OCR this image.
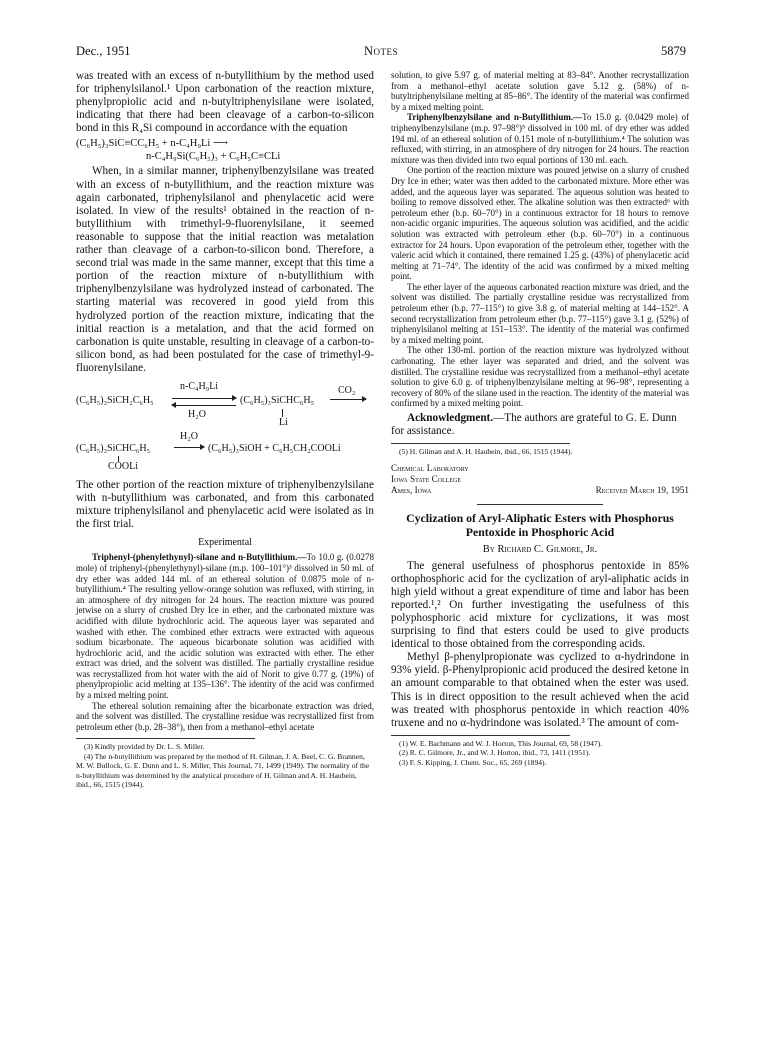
Dec., 1951	Notes	5879

was treated with an excess of n-butyllithium by the method used for triphenylsilanol.¹ Upon carbonation of the reaction mixture, phenylpropiolic acid and n-butyltriphenylsilane were isolated, indicating that there had been cleavage of a carbon-to-silicon bond in this R₄Si compound in accordance with the equation

(C₆H₅)₃SiC≡CC₆H₅ + n-C₄H₉Li ⟶
n-C₄H₉Si(C₆H₅)₃ + C₆H₅C≡CLi

When, in a similar manner, triphenylbenzylsilane was treated with an excess of n-butyllithium, and the reaction mixture was again carbonated, triphenylsilanol and phenylacetic acid were isolated. In view of the results¹ obtained in the reaction of n-butyllithium with trimethyl-9-fluorenylsilane, it seemed reasonable to suppose that the initial reaction was metalation rather than cleavage of a carbon-to-silicon bond. Therefore, a second trial was made in the same manner, except that this time a portion of the reaction mixture of n-butyllithium with triphenylbenzylsilane was hydrolyzed instead of carbonated. The starting material was recovered in good yield from this hydrolyzed portion of the reaction mixture, indicating that the initial reaction is a metalation, and that the acid formed on carbonation is quite unstable, resulting in cleavage of a carbon-to-silicon bond, as had been postulated for the case of trimethyl-9-fluorenylsilane.

n-C₄H₉Li
(C₆H₅)₃SiCH₂C₆H₅
H₂O
(C₆H₅)₃SiCHC₆H₅
Li
CO₂
H₂O
(C₆H₅)₃SiCHC₆H₅	(C₆H₅)₃SiOH + C₆H₅CH₂COOLi
COOLi

The other portion of the reaction mixture of triphenylbenzylsilane with n-butyllithium was carbonated, and from this carbonated mixture triphenylsilanol and phenylacetic acid were isolated as in the first trial.

Experimental

Triphenyl-(phenylethynyl)-silane and n-Butyllithium.—To 10.0 g. (0.0278 mole) of triphenyl-(phenylethynyl)-silane (m.p. 100–101°)³ dissolved in 50 ml. of dry ether was added 144 ml. of an ethereal solution of 0.0875 mole of n-butyllithium.⁴ The resulting yellow-orange solution was refluxed, with stirring, in an atmosphere of dry nitrogen for 24 hours. The reaction mixture was poured jetwise on a slurry of crushed Dry Ice in ether, and the carbonated mixture was acidified with dilute hydrochloric acid. The aqueous layer was separated and washed with ether. The combined ether extracts were extracted with aqueous sodium bicarbonate. The aqueous bicarbonate solution was acidified with hydrochloric acid, and the acidic solution was extracted with ether. The ether extract was dried, and the solvent was distilled. The partially crystalline residue was recrystallized from hot water with the aid of Norit to give 0.77 g. (19%) of phenylpropiolic acid melting at 135–136°. The identity of the acid was confirmed by a mixed melting point.

The ethereal solution remaining after the bicarbonate extraction was dried, and the solvent was distilled. The crystalline residue was recrystallized first from petroleum ether (b.p. 28–38°), then from a methanol–ethyl acetate

(3) Kindly provided by Dr. L. S. Miller.

(4) The n-butyllithium was prepared by the method of H. Gilman, J. A. Beel, C. G. Brannen, M. W. Bullock, G. E. Dunn and L. S. Miller, This Journal, 71, 1499 (1949). The normality of the n-butyllithium was determined by the analytical procedure of H. Gilman and A. H. Haubein, ibid., 66, 1515 (1944).

solution, to give 5.97 g. of material melting at 83–84°. Another recrystallization from a methanol–ethyl acetate solution gave 5.12 g. (58%) of n-butyltriphenylsilane melting at 85–86°. The identity of the material was confirmed by a mixed melting point.

Triphenylbenzylsilane and n-Butyllithium.—To 15.0 g. (0.0429 mole) of triphenylbenzylsilane (m.p. 97–98°)⁵ dissolved in 100 ml. of dry ether was added 194 ml. of an ethereal solution of 0.151 mole of n-butyllithium.⁴ The solution was refluxed, with stirring, in an atmosphere of dry nitrogen for 24 hours. The reaction mixture was then divided into two equal portions of 130 ml. each.

One portion of the reaction mixture was poured jetwise on a slurry of crushed Dry Ice in ether; water was then added to the carbonated mixture. More ether was added, and the aqueous layer was separated. The aqueous solution was heated to boiling to remove dissolved ether. The alkaline solution was then extracted⁶ with petroleum ether (b.p. 60–70°) in a continuous extractor for 18 hours to remove non-acidic organic impurities. The aqueous solution was acidified, and the acidic solution was extracted with petroleum ether (b.p. 60–70°) in a continuous extractor for 24 hours. Upon evaporation of the petroleum ether, together with the valeric acid which it contained, there remained 1.25 g. (43%) of phenylacetic acid melting at 71–74°. The identity of the acid was confirmed by a mixed melting point.

The ether layer of the aqueous carbonated reaction mixture was dried, and the solvent was distilled. The partially crystalline residue was recrystallized from petroleum ether (b.p. 77–115°) to give 3.8 g. of material melting at 144–152°. A second recrystallization from petroleum ether (b.p. 77–115°) gave 3.1 g. (52%) of triphenylsilanol melting at 151–153°. The identity of the material was confirmed by a mixed melting point.

The other 130-ml. portion of the reaction mixture was hydrolyzed without carbonating. The ether layer was separated and dried, and the solvent was distilled. The crystalline residue was recrystallized from a methanol–ethyl acetate solution to give 6.0 g. of triphenylbenzylsilane melting at 96–98°, representing a recovery of 80% of the silane used in the reaction. The identity of the material was confirmed by a mixed melting point.

Acknowledgment.—The authors are grateful to G. E. Dunn for assistance.

(5) H. Gilman and A. H. Haubein, ibid., 66, 1515 (1944).

Chemical Laboratory
Iowa State College
Ames, Iowa	Received March 19, 1951
Cyclization of Aryl-Aliphatic Esters with Phosphorus Pentoxide in Phosphoric Acid
By Richard C. Gilmore, Jr.

The general usefulness of phosphorus pentoxide in 85% orthophosphoric acid for the cyclization of aryl-aliphatic acids in high yield without a great expenditure of time and labor has been reported.¹,² On further investigating the usefulness of this polyphosphoric acid mixture for cyclizations, it was most surprising to find that esters could be used to give products identical to those obtained from the corresponding acids.

Methyl β-phenylpropionate was cyclized to α-hydrindone in 93% yield. β-Phenylpropionic acid produced the desired ketone in an amount comparable to that obtained when the ester was used. This is in direct opposition to the result achieved when the acid was treated with phosphorus pentoxide in which reaction 40% truxene and no α-hydrindone was isolated.³ The amount of com-

(1) W. E. Bachmann and W. J. Horton, This Journal, 69, 58 (1947).

(2) R. C. Gilmore, Jr., and W. J. Horton, ibid., 73, 1411 (1951).

(3) F. S. Kipping, J. Chem. Soc., 65, 269 (1894).
